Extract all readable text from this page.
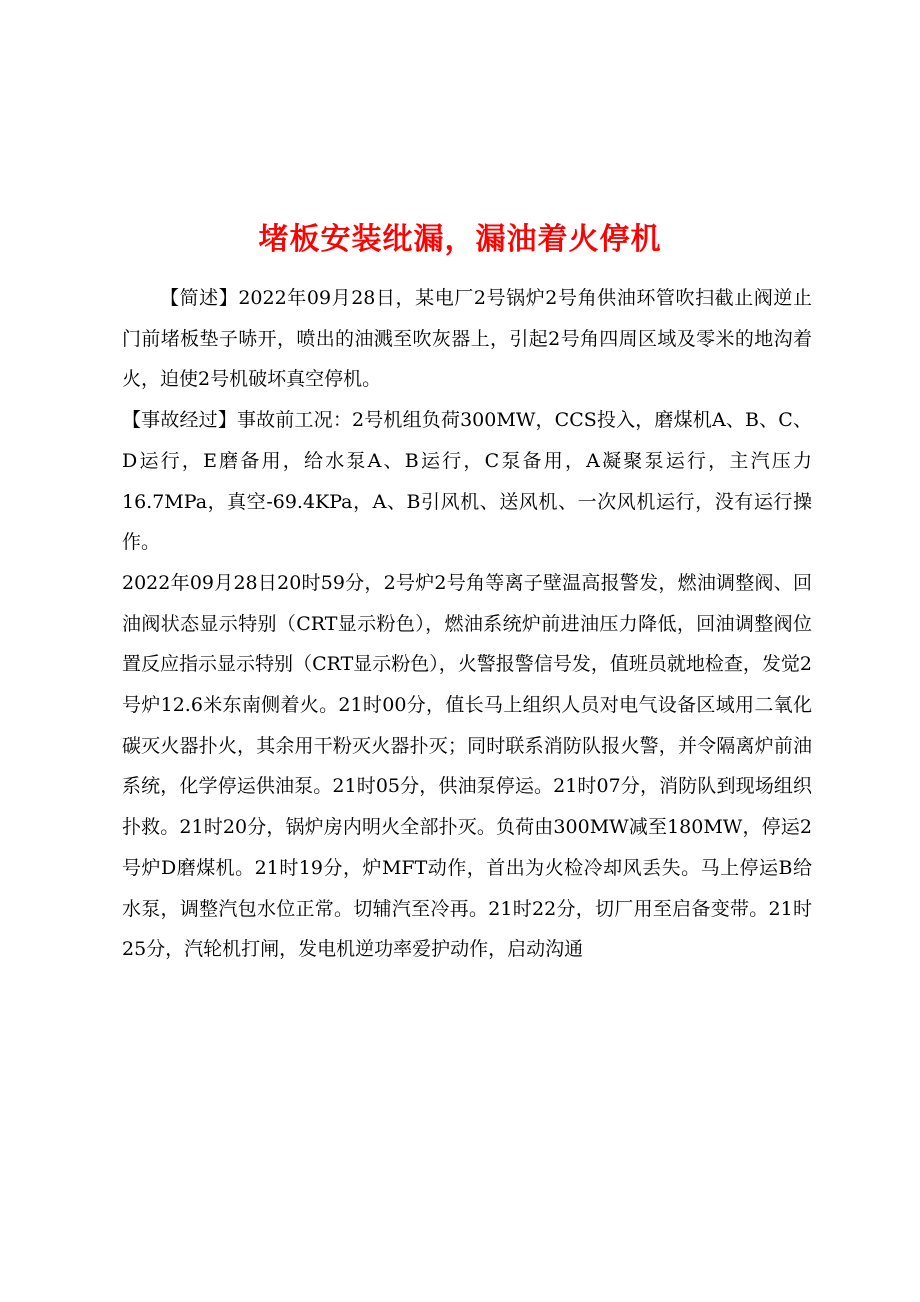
堵板安装纰漏，漏油着火停机

【简述】2022年09月28日，某电厂2号锅炉2号角供油环管吹扫截止阀逆止门前堵板垫子哧开，喷出的油溅至吹灰器上，引起2号角四周区域及零米的地沟着火，迫使2号机破坏真空停机。

【事故经过】事故前工况：2号机组负荷300MW，CCS投入，磨煤机A、B、C、D运行，E磨备用，给水泵A、B运行，C泵备用，A凝聚泵运行，主汽压力16.7MPa，真空-69.4KPa，A、B引风机、送风机、一次风机运行，没有运行操作。

2022年09月28日20时59分，2号炉2号角等离子壁温高报警发，燃油调整阀、回油阀状态显示特别（CRT显示粉色），燃油系统炉前进油压力降低，回油调整阀位置反应指示显示特别（CRT显示粉色），火警报警信号发，值班员就地检查，发觉2号炉12.6米东南侧着火。21时00分，值长马上组织人员对电气设备区域用二氧化碳灭火器扑火，其余用干粉灭火器扑灭；同时联系消防队报火警，并令隔离炉前油系统，化学停运供油泵。21时05分，供油泵停运。21时07分，消防队到现场组织扑救。21时20分，锅炉房内明火全部扑灭。负荷由300MW减至180MW，停运2号炉D磨煤机。21时19分，炉MFT动作，首出为火检冷却风丢失。马上停运B给水泵，调整汽包水位正常。切辅汽至冷再。21时22分，切厂用至启备变带。21时25分，汽轮机打闸，发电机逆功率爱护动作，启动沟通
